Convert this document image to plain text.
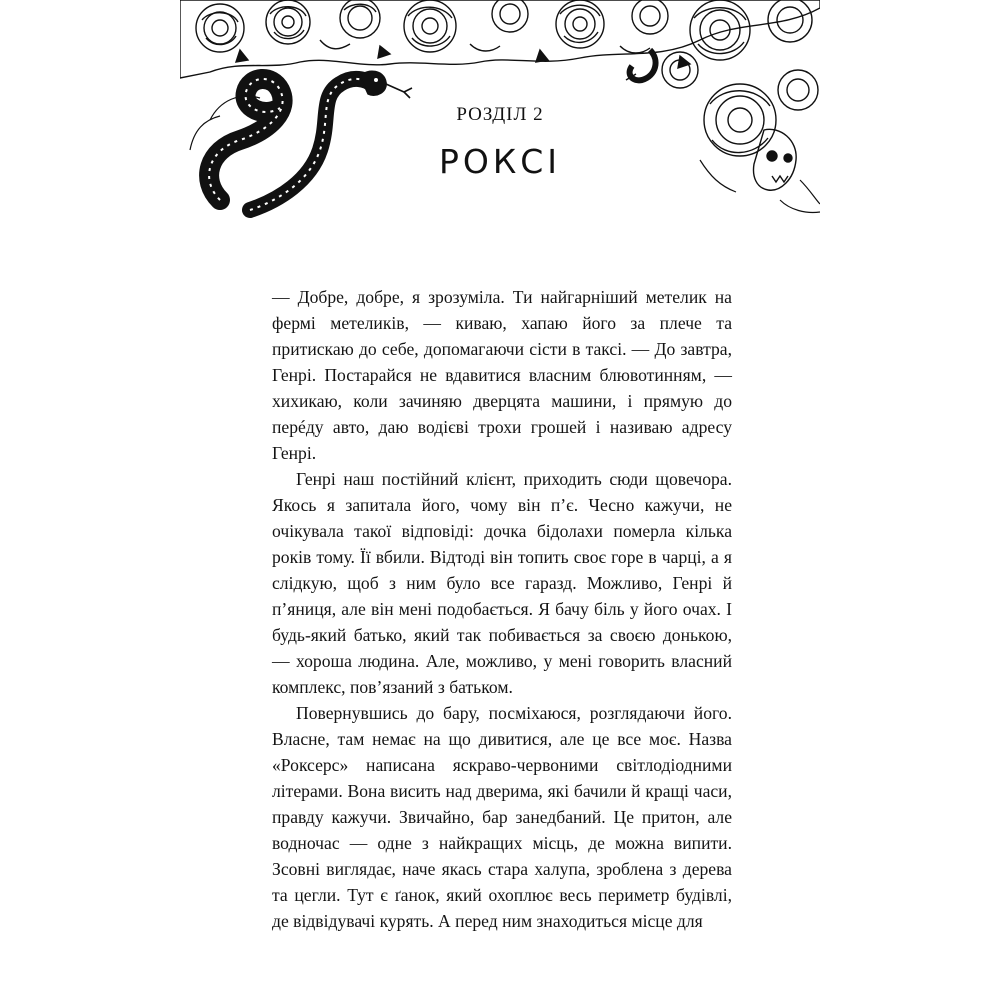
РОЗДІЛ 2
РОКСІ

— Добре, добре, я зрозуміла. Ти найгарніший метелик на фермі метеликів, — киваю, хапаю його за плече та притискаю до себе, допомагаючи сісти в таксі. — До завтра, Генрі. Постарайся не вдавитися власним блювотинням, — хихикаю, коли зачиняю дверцята машини, і прямую до перéду авто, даю водієві трохи грошей і називаю адресу Генрі.

Генрі наш постійний клієнт, приходить сюди щовечора. Якось я запитала його, чому він п’є. Чесно кажучи, не очікувала такої відповіді: дочка бідолахи померла кілька років тому. Її вбили. Відтоді він топить своє горе в чарці, а я слідкую, щоб з ним було все гаразд. Можливо, Генрі й п’яниця, але він мені подобається. Я бачу біль у його очах. І будь-який батько, який так побивається за своєю донькою, — хороша людина. Але, можливо, у мені говорить власний комплекс, пов’язаний з батьком.

Повернувшись до бару, посміхаюся, розглядаючи його. Власне, там немає на що дивитися, але це все моє. Назва «Роксерс» написана яскраво-червоними світлодіодними літерами. Вона висить над дверима, які бачили й кращі часи, правду кажучи. Звичайно, бар занедбаний. Це притон, але водночас — одне з найкращих місць, де можна випити. Зсовні виглядає, наче якась стара халупа, зроблена з дерева та цегли. Тут є ґанок, який охоплює весь периметр будівлі, де відвідувачі курять. А перед ним знаходиться місце для
